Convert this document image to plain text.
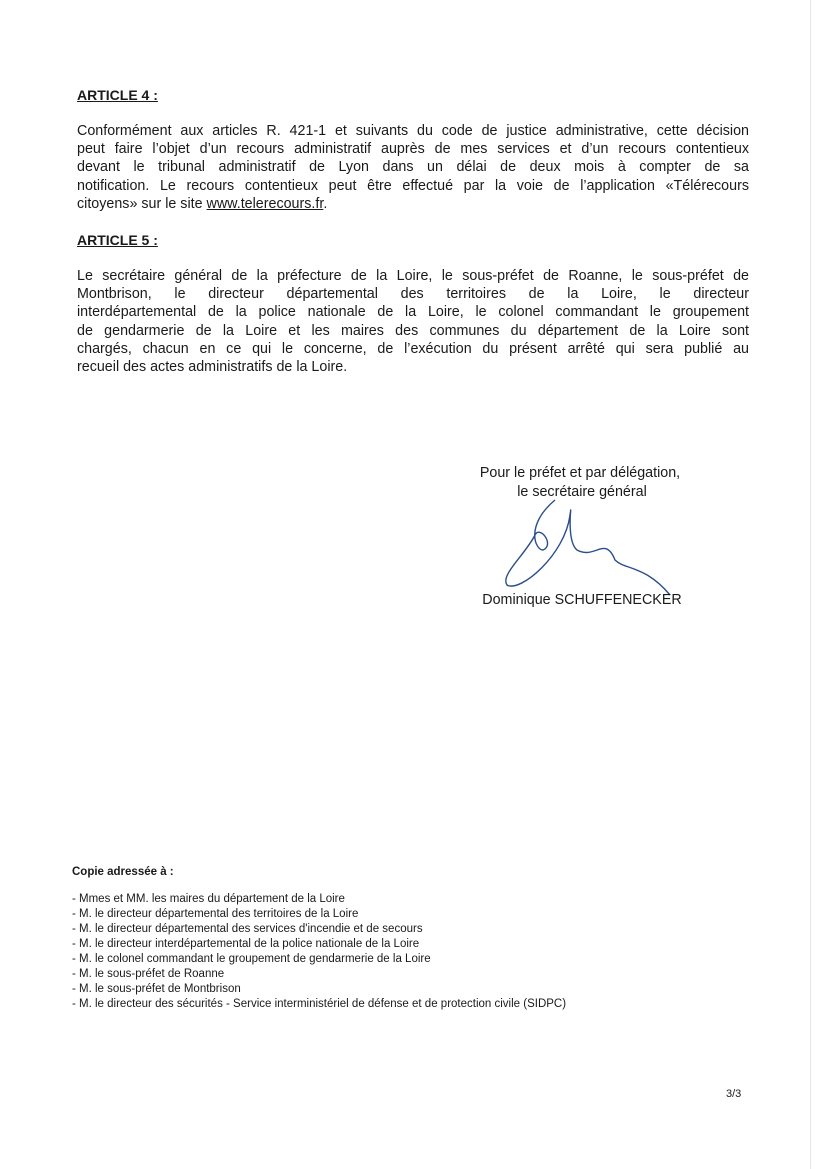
ARTICLE 4 :
Conformément aux articles R. 421-1 et suivants du code de justice administrative, cette décision
peut faire l’objet d’un recours administratif auprès de mes services et d’un recours contentieux
devant le tribunal administratif de Lyon dans un délai de deux mois à compter de sa
notification. Le recours contentieux peut être effectué par la voie de l’application «Télérecours
citoyens» sur le site www.telerecours.fr.
ARTICLE 5 :
Le secrétaire général de la préfecture de la Loire, le sous-préfet de Roanne, le sous-préfet de
Montbrison, le directeur départemental des territoires de la Loire, le directeur
interdépartemental de la police nationale de la Loire, le colonel commandant le groupement
de gendarmerie de la Loire et les maires des communes du département de la Loire sont
chargés, chacun en ce qui le concerne, de l’exécution du présent arrêté qui sera publié au
recueil des actes administratifs de la Loire.
Pour le préfet et par délégation,
le secrétaire général
Dominique SCHUFFENECKER
Copie adressée à :
- Mmes et MM. les maires du département de la Loire
- M. le directeur départemental des territoires de la Loire
- M. le directeur départemental des services d'incendie et de secours
- M. le directeur interdépartemental de la police nationale de la Loire
- M. le colonel commandant le groupement de gendarmerie de la Loire
- M. le sous-préfet de Roanne
- M. le sous-préfet de Montbrison
- M. le directeur des sécurités - Service interministériel de défense et de protection civile (SIDPC)
3/3
